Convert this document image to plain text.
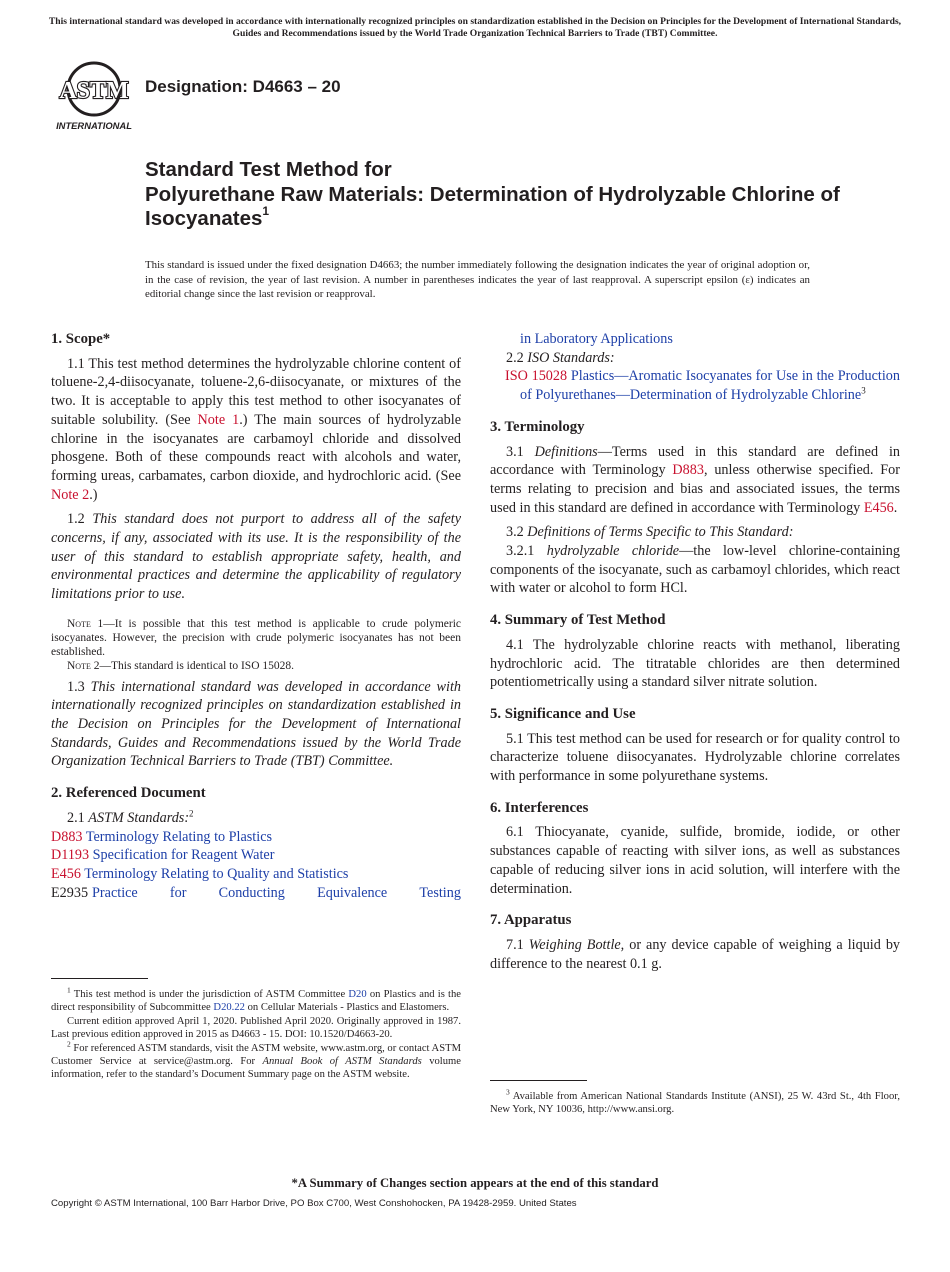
This international standard was developed in accordance with internationally recognized principles on standardization established in the Decision on Principles for the Development of International Standards, Guides and Recommendations issued by the World Trade Organization Technical Barriers to Trade (TBT) Committee.
ASTM
INTERNATIONAL
Designation: D4663 – 20
Standard Test Method for
Polyurethane Raw Materials: Determination of Hydrolyzable Chlorine of Isocyanates$^1$
This standard is issued under the fixed designation D4663; the number immediately following the designation indicates the year of original adoption or, in the case of revision, the year of last revision. A number in parentheses indicates the year of last reapproval. A superscript epsilon (ε) indicates an editorial change since the last revision or reapproval.
1. Scope*

1.1 This test method determines the hydrolyzable chlorine content of toluene-2,4-diisocyanate, toluene-2,6-diisocyanate, or mixtures of the two. It is acceptable to apply this test method to other isocyanates of suitable solubility. (See Note 1.) The main sources of hydrolyzable chlorine in the isocyanates are carbamoyl chloride and dissolved phosgene. Both of these compounds react with alcohols and water, forming ureas, carbamates, carbon dioxide, and hydrochloric acid. (See Note 2.)

1.2 This standard does not purport to address all of the safety concerns, if any, associated with its use. It is the responsibility of the user of this standard to establish appropriate safety, health, and environmental practices and determine the applicability of regulatory limitations prior to use.

Note 1—It is possible that this test method is applicable to crude polymeric isocyanates. However, the precision with crude polymeric isocyanates has not been established.

Note 2—This standard is identical to ISO 15028.

1.3 This international standard was developed in accordance with internationally recognized principles on standardization established in the Decision on Principles for the Development of International Standards, Guides and Recommendations issued by the World Trade Organization Technical Barriers to Trade (TBT) Committee.

2. Referenced Document

2.1 ASTM Standards:$^2$

D883 Terminology Relating to Plastics

D1193 Specification for Reagent Water

E456 Terminology Relating to Quality and Statistics

E2935 Practice for Conducting Equivalence Testing

$^1$ This test method is under the jurisdiction of ASTM Committee D20 on Plastics and is the direct responsibility of Subcommittee D20.22 on Cellular Materials - Plastics and Elastomers.

Current edition approved April 1, 2020. Published April 2020. Originally approved in 1987. Last previous edition approved in 2015 as D4663 - 15. DOI: 10.1520/D4663-20.

$^2$ For referenced ASTM standards, visit the ASTM website, www.astm.org, or contact ASTM Customer Service at service@astm.org. For Annual Book of ASTM Standards volume information, refer to the standard’s Document Summary page on the ASTM website.

in Laboratory Applications

2.2 ISO Standards:

ISO 15028 Plastics—Aromatic Isocyanates for Use in the Production of Polyurethanes—Determination of Hydrolyzable Chlorine$^3$

3. Terminology

3.1 Definitions—Terms used in this standard are defined in accordance with Terminology D883, unless otherwise specified. For terms relating to precision and bias and associated issues, the terms used in this standard are defined in accordance with Terminology E456.

3.2 Definitions of Terms Specific to This Standard:

3.2.1 hydrolyzable chloride—the low-level chlorine-containing components of the isocyanate, such as carbamoyl chlorides, which react with water or alcohol to form HCl.

4. Summary of Test Method

4.1 The hydrolyzable chlorine reacts with methanol, liberating hydrochloric acid. The titratable chlorides are then determined potentiometrically using a standard silver nitrate solution.

5. Significance and Use

5.1 This test method can be used for research or for quality control to characterize toluene diisocyanates. Hydrolyzable chlorine correlates with performance in some polyurethane systems.

6. Interferences

6.1 Thiocyanate, cyanide, sulfide, bromide, iodide, or other substances capable of reacting with silver ions, as well as substances capable of reducing silver ions in acid solution, will interfere with the determination.

7. Apparatus

7.1 Weighing Bottle, or any device capable of weighing a liquid by difference to the nearest 0.1 g.

$^3$ Available from American National Standards Institute (ANSI), 25 W. 43rd St., 4th Floor, New York, NY 10036, http://www.ansi.org.

*A Summary of Changes section appears at the end of this standard
Copyright © ASTM International, 100 Barr Harbor Drive, PO Box C700, West Conshohocken, PA 19428-2959. United States
